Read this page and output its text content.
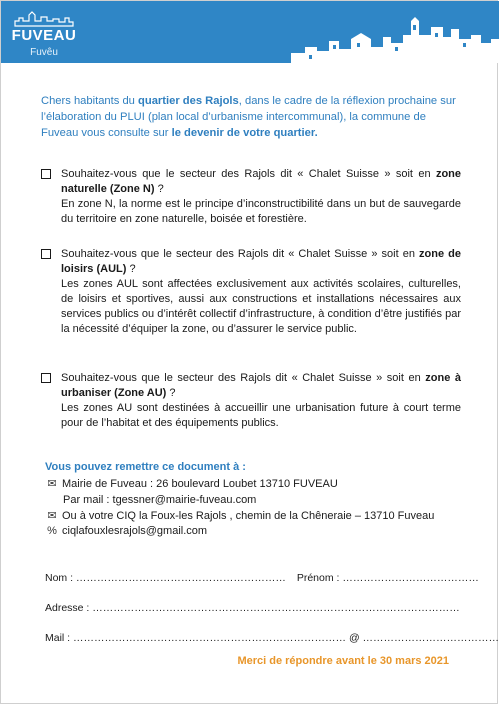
FUVEAU
Fuvêu
Chers habitants du quartier des Rajols, dans le cadre de la réflexion prochaine sur l’élaboration du PLUI (plan local d’urbanisme intercommunal), la commune de Fuveau vous consulte sur le devenir de votre quartier.
Souhaitez-vous que le secteur des Rajols dit « Chalet Suisse » soit en zone naturelle (Zone N) ?
En zone N, la norme est le principe d’inconstructibilité dans un but de sauvegarde du territoire en zone naturelle, boisée et forestière.
Souhaitez-vous que le secteur des Rajols dit « Chalet Suisse » soit en zone de loisirs (AUL) ?
Les zones AUL sont affectées exclusivement aux activités scolaires, culturelles, de loisirs et sportives, aussi aux constructions et installations nécessaires aux services publics ou d’intérêt collectif d’infrastructure, à condition d’être justifiés par la nécessité d’équiper la zone, ou d’assurer le service public.
Souhaitez-vous que le secteur des Rajols dit « Chalet Suisse » soit en zone à urbaniser (Zone AU) ?
Les zones AU sont destinées à accueillir une urbanisation future à court terme pour de l’habitat et des équipements publics.
Vous pouvez remettre ce document à :
✉ Mairie de Fuveau : 26 boulevard Loubet 13710 FUVEAU
Par mail : tgessner@mairie-fuveau.com
✉ Ou à votre CIQ la Foux-les Rajols , chemin de la Chêneraie – 13710 Fuveau
% ciqlafouxlesrajols@gmail.com
Nom : …………………………………………………… Prénom : …………………………………
Adresse : ……………………………………………………………………………………………
Mail : …………………………………………………………………… @ …………………………………
Merci de répondre avant le 30 mars 2021
